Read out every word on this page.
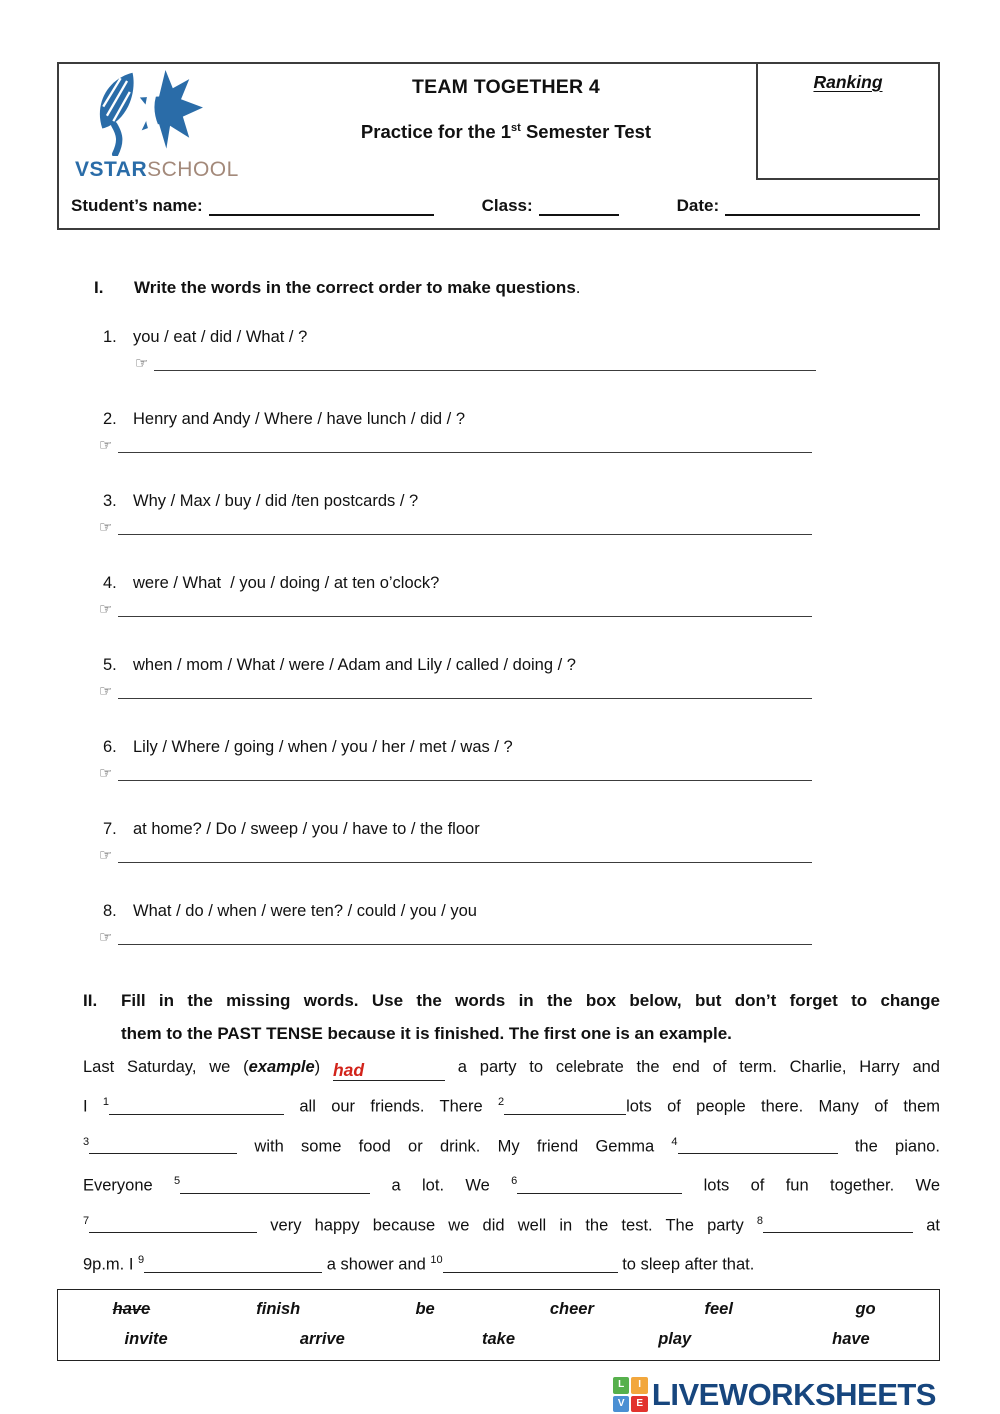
VSTARSCHOOL
TEAM TOGETHER 4
Practice for the 1st Semester Test
Ranking
Student’s name:	Class:	Date:
I.	Write the words in the correct order to make questions.
1. you / eat / did / What / ?
☞
2. Henry and Andy / Where / have lunch / did / ?
☞
3. Why / Max / buy / did /ten postcards / ?
☞
4. were / What  / you / doing / at ten o’clock?
☞
5. when / mom / What / were / Adam and Lily / called / doing / ?
☞
6. Lily / Where / going / when / you / her / met / was / ?
☞
7. at home? / Do / sweep / you / have to / the floor
☞
8. What / do / when / were ten? / could / you / you
☞
II.	Fill in the missing words. Use the words in the box below, but don’t forget to change
them to the PAST TENSE because it is finished. The first one is an example.
Last Saturday, we (example) had	a party to celebrate the end of term. Charlie, Harry and
I $^1$	all our friends. There $^2$	lots of people there. Many of them
$^3$	with some food or drink. My friend Gemma $^4$	the piano.
Everyone $^5$	a lot. We $^6$	lots of fun together. We
$^7$	very happy because we did well in the test. The party $^8$	at
9p.m. I $^9$	a shower and $^{10}$	to sleep after that.
have	finish	be	cheer	feel	go
invite	arrive	take	play	have
L	I
V	E LIVEWORKSHEETS
